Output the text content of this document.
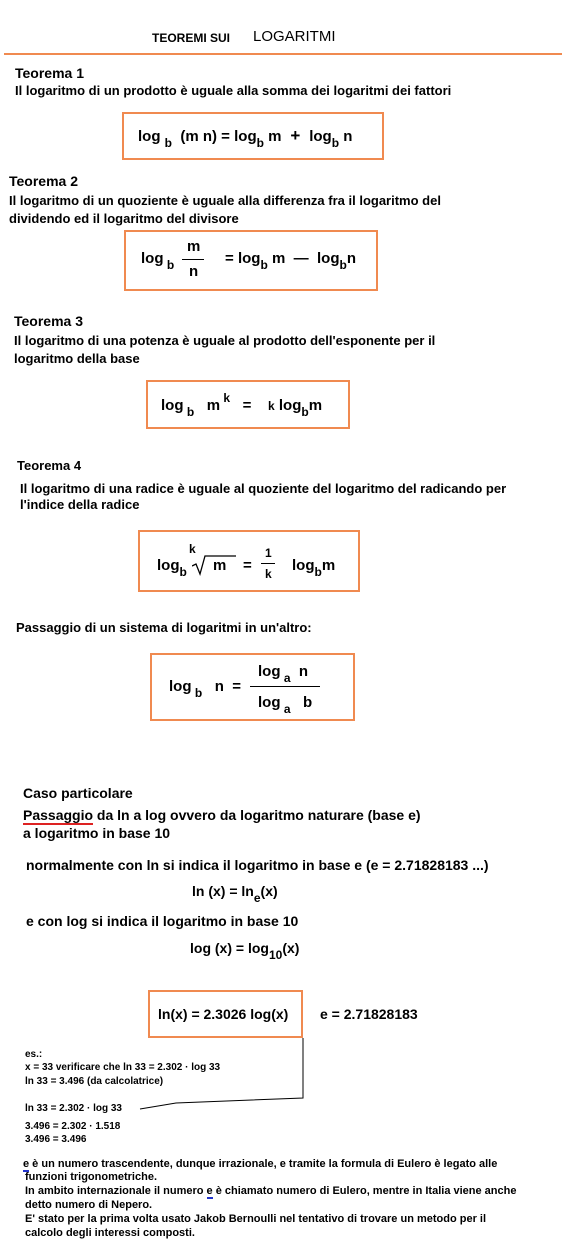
TEOREMI SUI LOGARITMI
Teorema 1
Il logaritmo di un prodotto è uguale alla somma dei logaritmi dei fattori
log $_b$ (m $n) = \log_b m + \log_b n$
Teorema 2
Il logaritmo di un quoziente è uguale alla differenza fra il logaritmo del
dividendo ed il logaritmo del divisore
log $_b$
m
n
= $\log_b m$ — $\log_bn$
Teorema 3
Il logaritmo di una potenza è uguale al prodotto dell'esponente per il
logaritmo della base
log $_b$ m $^k$ = k $\log_bm$
Teorema 4
Il logaritmo di una radice è uguale al quoziente del logaritmo del radicando per
l'indice della radice
$\log_b$
k
m =
1
k $\log_bm$
Passaggio di un sistema di logaritmi in un'altro:
log $_b$ n =
log $_a$ n
log $_a$ b
Caso particolare
Passaggio da ln a log ovvero da logaritmo naturare (base e)
a logaritmo in base 10
normalmente con ln si indica il logaritmo in base e (e = 2.71828183 ...)
ln (x) = lne(x)
e con log si indica il logaritmo in base 10
log (x) = log10(x)
ln(x) = 2.3026 log(x) e = 2.71828183
es.:
x = 33 verificare che ln 33 = 2.302 · log 33
ln 33 = 3.496 (da calcolatrice)
ln 33 = 2.302 · log 33
3.496 = 2.302 · 1.518
3.496 = 3.496
e è un numero trascendente, dunque irrazionale, e tramite la formula di Eulero è legato alle
funzioni trigonometriche.
In ambito internazionale il numero e è chiamato numero di Eulero, mentre in Italia viene anche
detto numero di Nepero.
E' stato per la prima volta usato Jakob Bernoulli nel tentativo di trovare un metodo per il
calcolo degli interessi composti.
